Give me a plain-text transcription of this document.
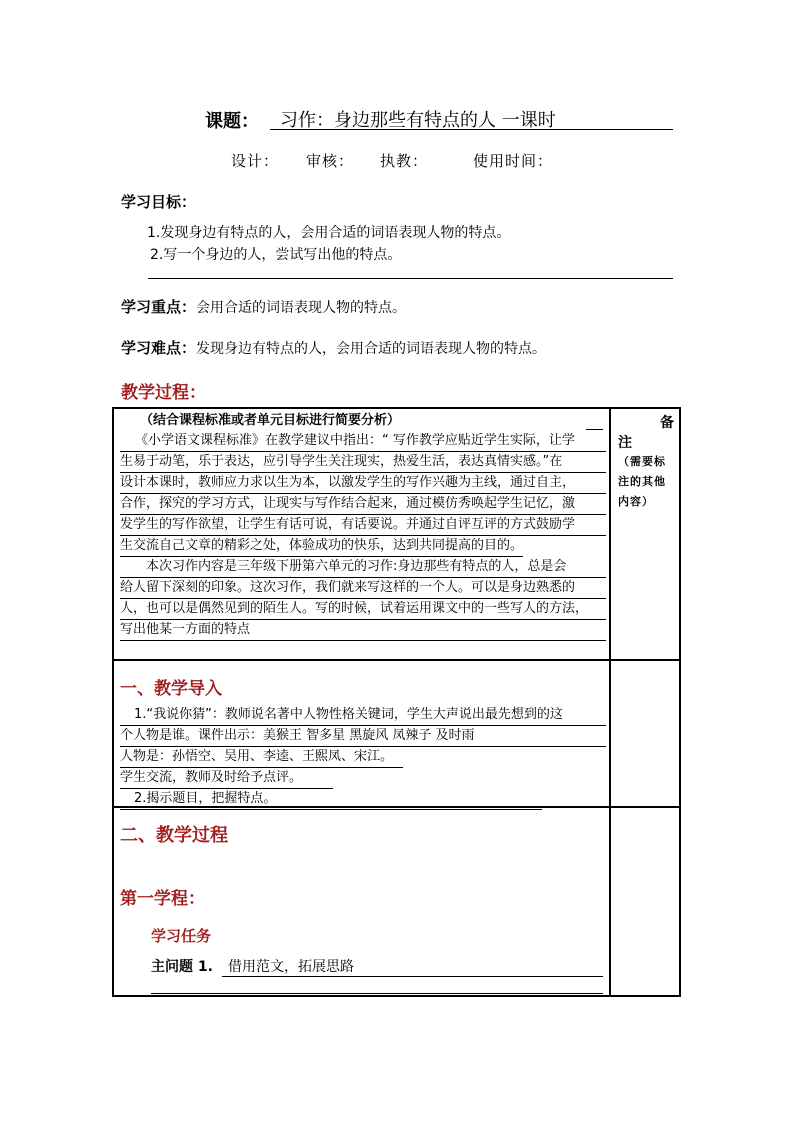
课题：	习作：身边那些有特点的人 一课时
设计： 审核： 执教：	使用时间：
学习目标：
1.发现身边有特点的人，会用合适的词语表现人物的特点。
2.写一个身边的人，尝试写出他的特点。
学习重点：会用合适的词语表现人物的特点。
学习难点：发现身边有特点的人，会用合适的词语表现人物的特点。
教学过程：
（结合课程标准或者单元目标进行简要分析）
《小学语文课程标准》在教学建议中指出：“ 写作教学应贴近学生实际，让学
生易于动笔，乐于表达，应引导学生关注现实，热爱生活，表达真情实感。”在
设计本课时，教师应力求以生为本，以激发学生的写作兴趣为主线，通过自主，
合作，探究的学习方式，让现实与写作结合起来，通过模仿秀唤起学生记忆，激
发学生的写作欲望，让学生有话可说，有话要说。并通过自评互评的方式鼓励学
生交流自己文章的精彩之处，体验成功的快乐，达到共同提高的目的。
本次习作内容是三年级下册第六单元的习作:身边那些有特点的人，总是会
给人留下深刻的印象。这次习作，我们就来写这样的一个人。可以是身边熟悉的
人，也可以是偶然见到的陌生人。写的时候，试着运用课文中的一些写人的方法，
写出他某一方面的特点
备
注
（需要标
注的其他
内容）
一、教学导入
1.“我说你猜”：教师说名著中人物性格关键词，学生大声说出最先想到的这
个人物是谁。课件出示：美猴王 智多星 黑旋风 凤辣子 及时雨
人物是：孙悟空、吴用、李逵、王熙凤、宋江。
学生交流，教师及时给予点评。
2.揭示题目，把握特点。
二、教学过程
第一学程：
学习任务
主问题 1.	借用范文，拓展思路
